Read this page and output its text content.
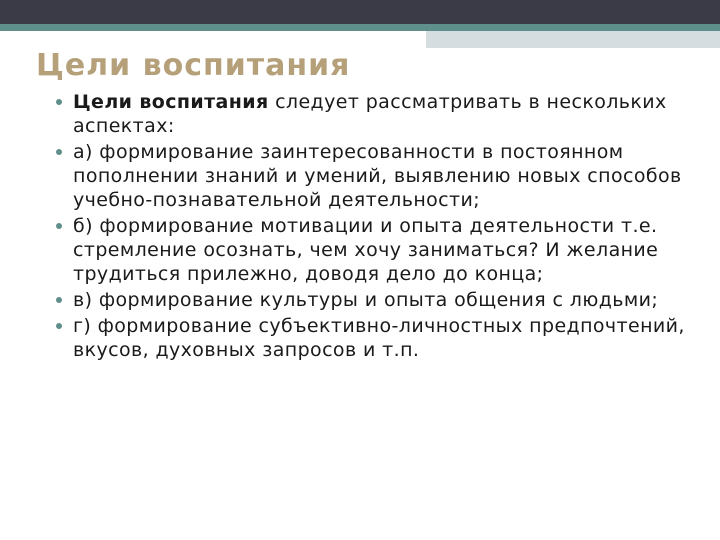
Цели воспитания
Цели воспитания следует рассматривать в нескольких аспектах:
а) формирование заинтересованности в постоянном пополнении знаний и умений, выявлению новых способов учебно-познавательной деятельности;
б) формирование мотивации и опыта деятельности т.е. стремление осознать, чем хочу заниматься? И желание трудиться прилежно, доводя дело до конца;
в) формирование культуры и опыта общения с людьми;
г) формирование субъективно-личностных предпочтений, вкусов, духовных запросов и т.п.
